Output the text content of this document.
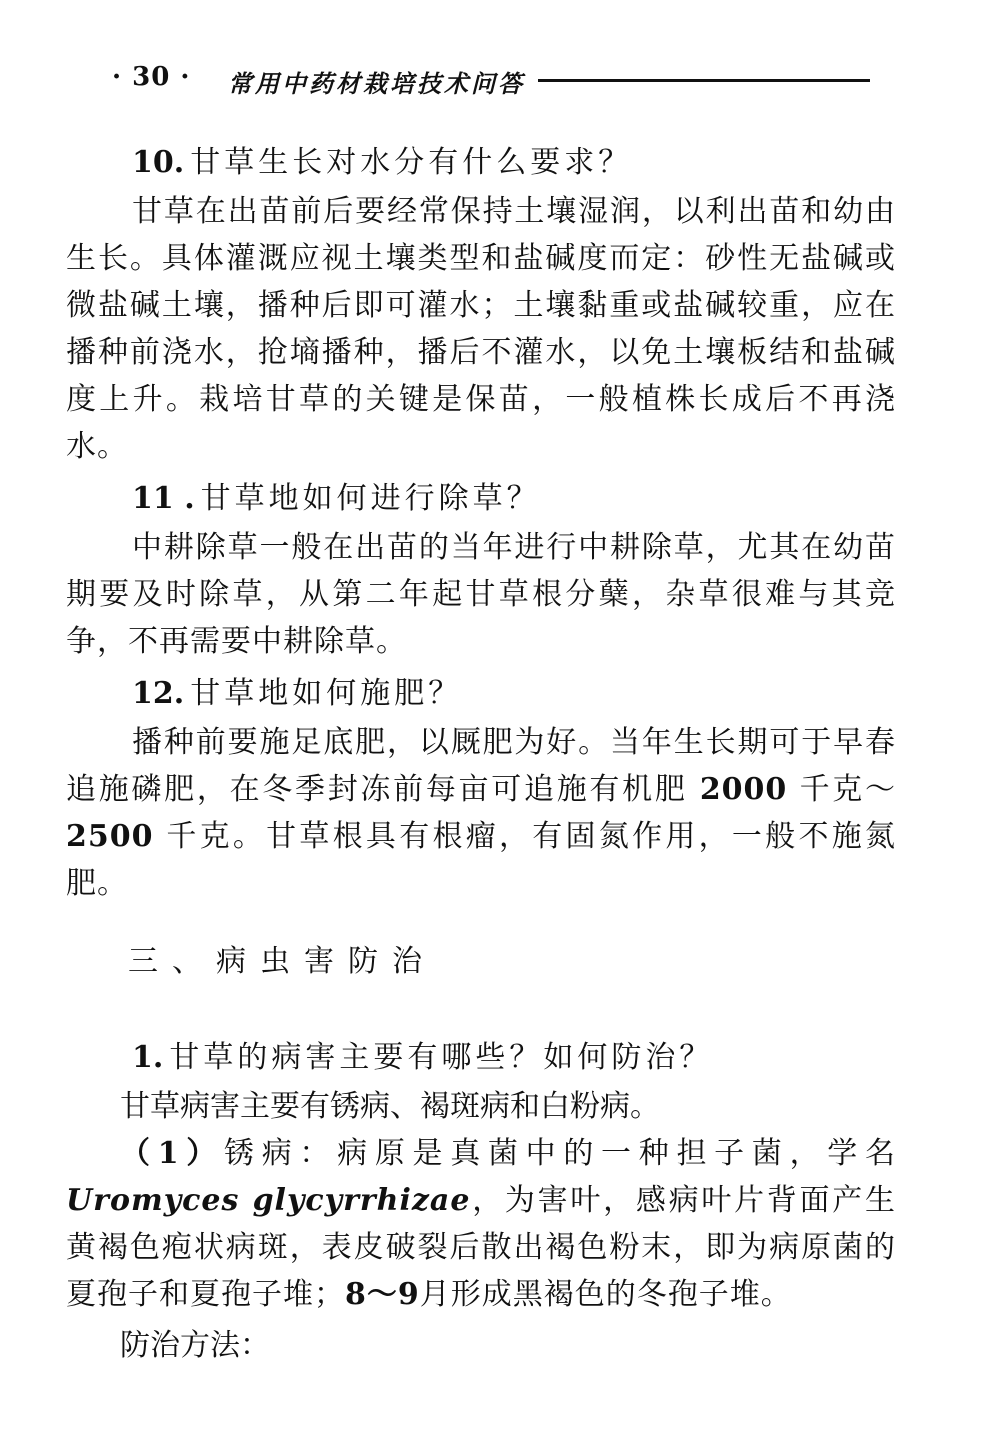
· 30 · 常用中药材栽培技术问答

10. 甘草生长对水分有什么要求？

甘草在出苗前后要经常保持土壤湿润，以利出苗和幼由生长。具体灌溉应视土壤类型和盐碱度而定：砂性无盐碱或微盐碱土壤，播种后即可灌水；土壤黏重或盐碱较重，应在播种前浇水，抢墒播种，播后不灌水，以免土壤板结和盐碱度上升。栽培甘草的关键是保苗，一般植株长成后不再浇水。

11 . 甘草地如何进行除草？

中耕除草一般在出苗的当年进行中耕除草，尤其在幼苗期要及时除草，从第二年起甘草根分蘖，杂草很难与其竞争，不再需要中耕除草。

12. 甘草地如何施肥？

播种前要施足底肥，以厩肥为好。当年生长期可于早春追施磷肥，在冬季封冻前每亩可追施有机肥 2000 千克～2500 千克。甘草根具有根瘤，有固氮作用，一般不施氮肥。

三、病虫害防治

1. 甘草的病害主要有哪些？如何防治？

甘草病害主要有锈病、褐斑病和白粉病。

（1）锈病：病原是真菌中的一种担子菌，学名Uromyces glycyrrhizae，为害叶，感病叶片背面产生黄褐色疱状病斑，表皮破裂后散出褐色粉末，即为病原菌的夏孢子和夏孢子堆；8～9月形成黑褐色的冬孢子堆。

防治方法：
